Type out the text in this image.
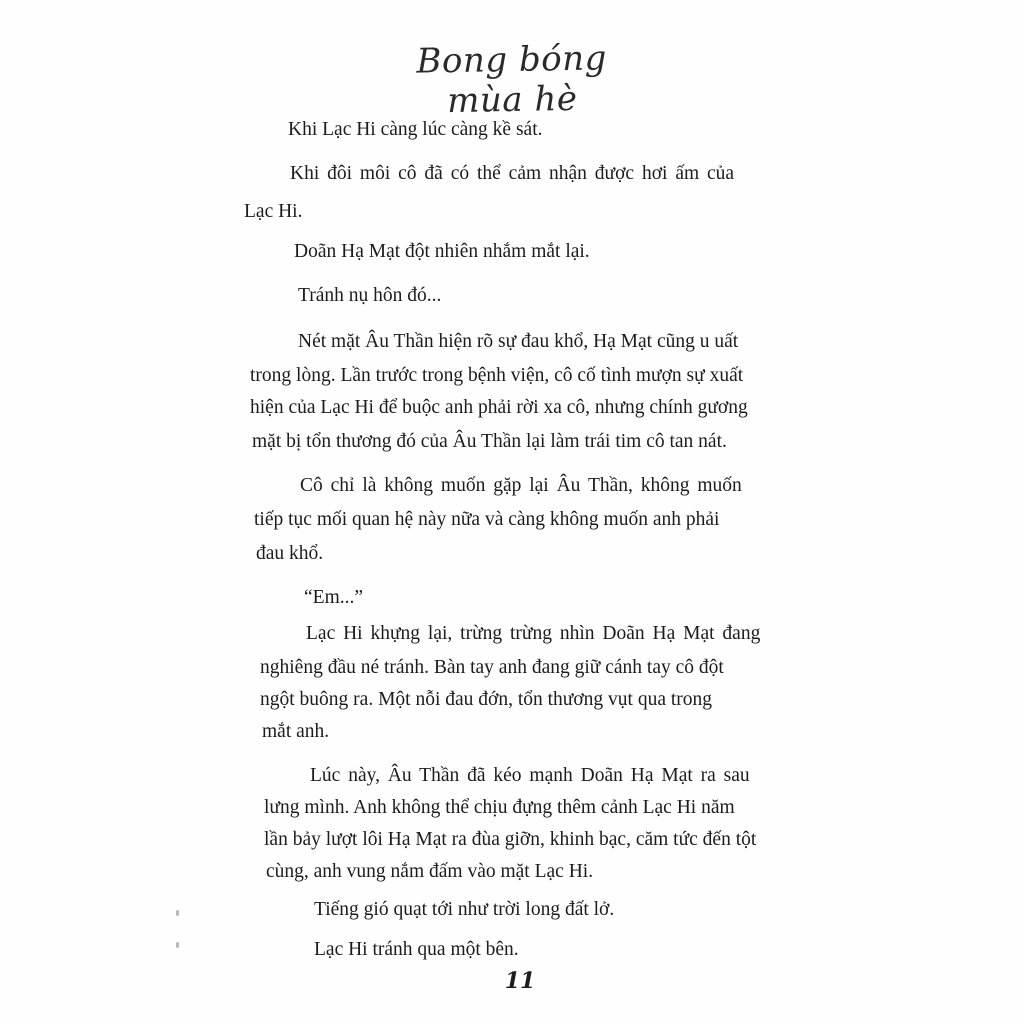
Bong bóng mùa hè

Khi Lạc Hi càng lúc càng kề sát.

Khi đôi môi cô đã có thể cảm nhận được hơi ấm của

Lạc Hi.

Doãn Hạ Mạt đột nhiên nhắm mắt lại.

Tránh nụ hôn đó...

Nét mặt Âu Thần hiện rõ sự đau khổ, Hạ Mạt cũng u uất

trong lòng. Lần trước trong bệnh viện, cô cố tình mượn sự xuất

hiện của Lạc Hi để buộc anh phải rời xa cô, nhưng chính gương

mặt bị tổn thương đó của Âu Thần lại làm trái tim cô tan nát.

Cô chỉ là không muốn gặp lại Âu Thần, không muốn

tiếp tục mối quan hệ này nữa và càng không muốn anh phải

đau khổ.

“Em...”

Lạc Hi khựng lại, trừng trừng nhìn Doãn Hạ Mạt đang

nghiêng đầu né tránh. Bàn tay anh đang giữ cánh tay cô đột

ngột buông ra. Một nỗi đau đớn, tổn thương vụt qua trong

mắt anh.

Lúc này, Âu Thần đã kéo mạnh Doãn Hạ Mạt ra sau

lưng mình. Anh không thể chịu đựng thêm cảnh Lạc Hi năm

lần bảy lượt lôi Hạ Mạt ra đùa giỡn, khinh bạc, căm tức đến tột

cùng, anh vung nắm đấm vào mặt Lạc Hi.

Tiếng gió quạt tới như trời long đất lở.

Lạc Hi tránh qua một bên.

11
